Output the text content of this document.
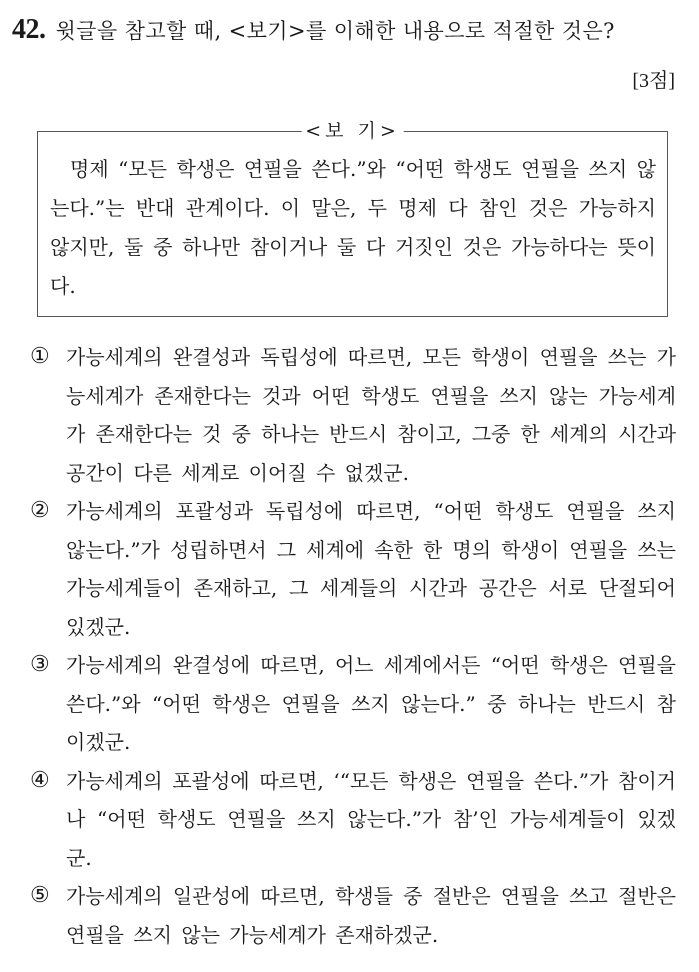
42. 윗글을 참고할 때, <보기>를 이해한 내용으로 적절한 것은?
[3점]
<보 기>
명제 “모든 학생은 연필을 쓴다.”와 “어떤 학생도 연필을 쓰지 않는다.”는 반대 관계이다. 이 말은, 두 명제 다 참인 것은 가능하지 않지만, 둘 중 하나만 참이거나 둘 다 거짓인 것은 가능하다는 뜻이다.
① 가능세계의 완결성과 독립성에 따르면, 모든 학생이 연필을 쓰는 가능세계가 존재한다는 것과 어떤 학생도 연필을 쓰지 않는 가능세계가 존재한다는 것 중 하나는 반드시 참이고, 그중 한 세계의 시간과 공간이 다른 세계로 이어질 수 없겠군.
② 가능세계의 포괄성과 독립성에 따르면, “어떤 학생도 연필을 쓰지 않는다.”가 성립하면서 그 세계에 속한 한 명의 학생이 연필을 쓰는 가능세계들이 존재하고, 그 세계들의 시간과 공간은 서로 단절되어 있겠군.
③ 가능세계의 완결성에 따르면, 어느 세계에서든 “어떤 학생은 연필을 쓴다.”와 “어떤 학생은 연필을 쓰지 않는다.” 중 하나는 반드시 참이겠군.
④ 가능세계의 포괄성에 따르면, ‘“모든 학생은 연필을 쓴다.”가 참이거나 “어떤 학생도 연필을 쓰지 않는다.”가 참’인 가능세계들이 있겠군.
⑤ 가능세계의 일관성에 따르면, 학생들 중 절반은 연필을 쓰고 절반은 연필을 쓰지 않는 가능세계가 존재하겠군.
